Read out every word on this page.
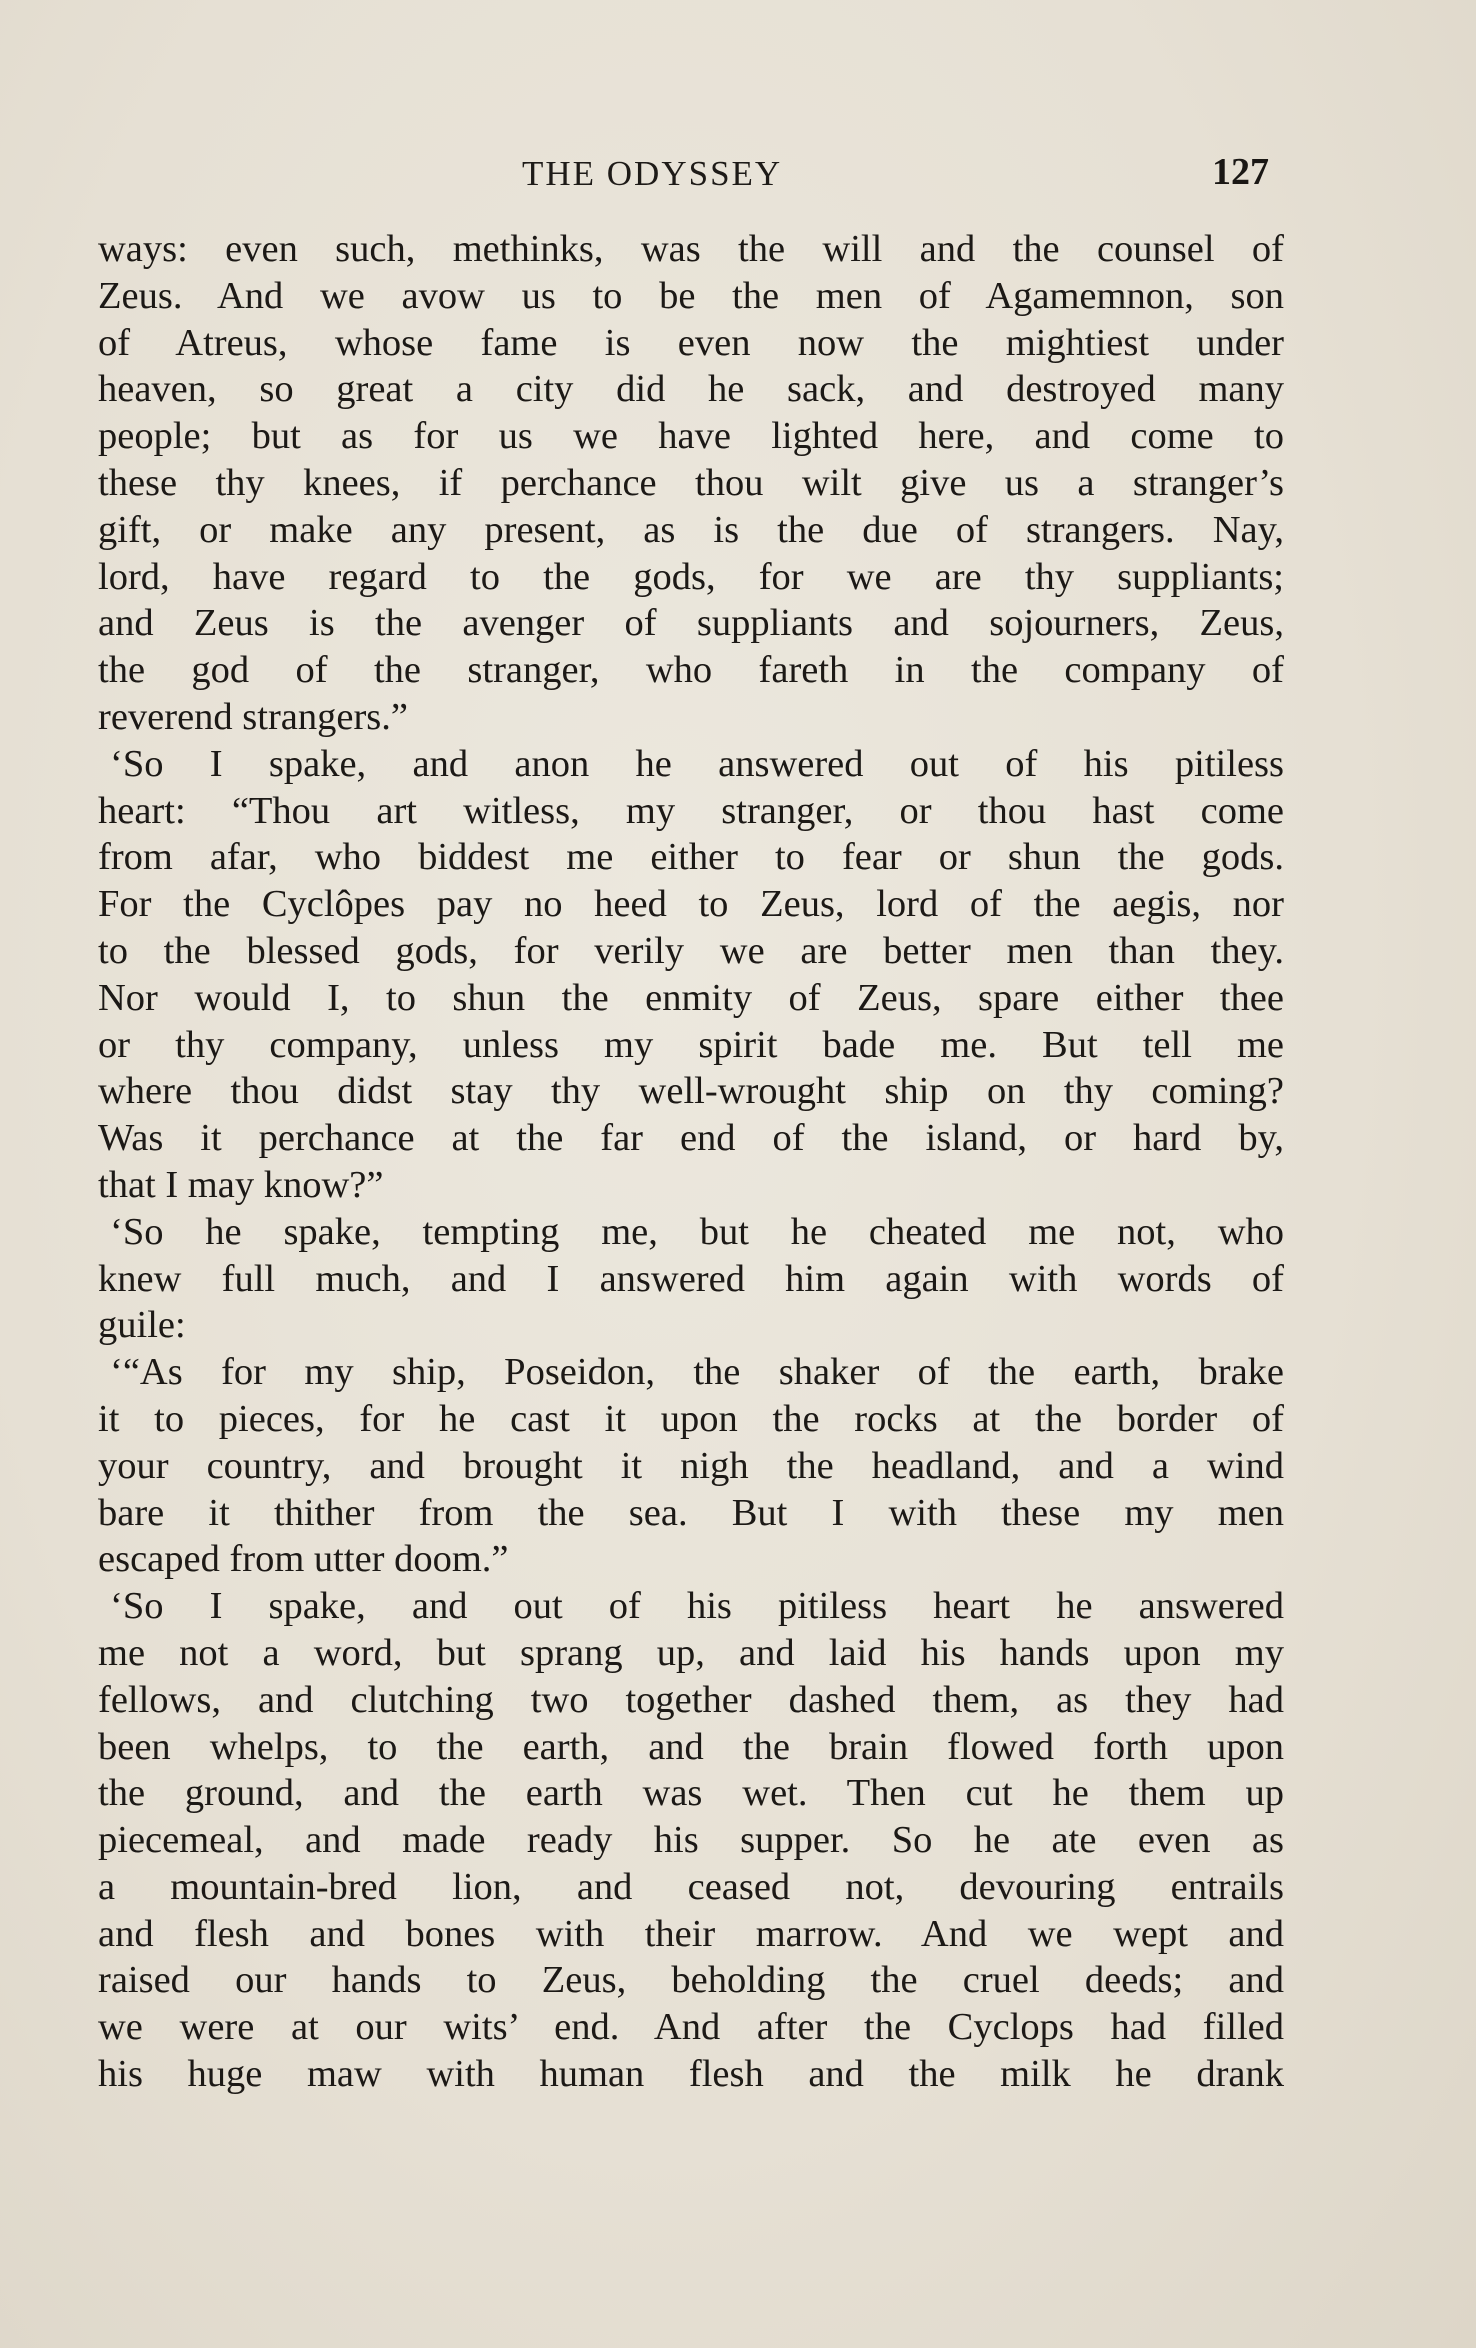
THE ODYSSEY	127
ways: even such, methinks, was the will and the counsel of
Zeus. And we avow us to be the men of Agamemnon, son
of Atreus, whose fame is even now the mightiest under
heaven, so great a city did he sack, and destroyed many
people; but as for us we have lighted here, and come to
these thy knees, if perchance thou wilt give us a stranger’s
gift, or make any present, as is the due of strangers. Nay,
lord, have regard to the gods, for we are thy suppliants;
and Zeus is the avenger of suppliants and sojourners, Zeus,
the god of the stranger, who fareth in the company of
reverend strangers.”
‘So I spake, and anon he answered out of his pitiless
heart: “Thou art witless, my stranger, or thou hast come
from afar, who biddest me either to fear or shun the gods.
For the Cyclôpes pay no heed to Zeus, lord of the aegis, nor
to the blessed gods, for verily we are better men than they.
Nor would I, to shun the enmity of Zeus, spare either thee
or thy company, unless my spirit bade me. But tell me
where thou didst stay thy well-wrought ship on thy coming?
Was it perchance at the far end of the island, or hard by,
that I may know?”
‘So he spake, tempting me, but he cheated me not, who
knew full much, and I answered him again with words of
guile:
‘“As for my ship, Poseidon, the shaker of the earth, brake
it to pieces, for he cast it upon the rocks at the border of
your country, and brought it nigh the headland, and a wind
bare it thither from the sea. But I with these my men
escaped from utter doom.”
‘So I spake, and out of his pitiless heart he answered
me not a word, but sprang up, and laid his hands upon my
fellows, and clutching two together dashed them, as they had
been whelps, to the earth, and the brain flowed forth upon
the ground, and the earth was wet. Then cut he them up
piecemeal, and made ready his supper. So he ate even as
a mountain-bred lion, and ceased not, devouring entrails
and flesh and bones with their marrow. And we wept and
raised our hands to Zeus, beholding the cruel deeds; and
we were at our wits’ end. And after the Cyclops had filled
his huge maw with human flesh and the milk he drank
